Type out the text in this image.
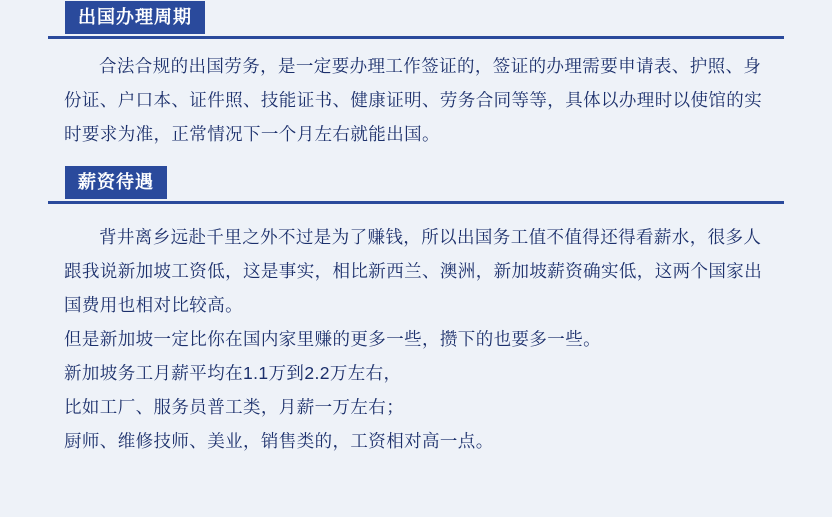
出国办理周期

合法合规的出国劳务，是一定要办理工作签证的，签证的办理需要申请表、护照、身份证、户口本、证件照、技能证书、健康证明、劳务合同等等，具体以办理时以使馆的实时要求为准，正常情况下一个月左右就能出国。

薪资待遇

背井离乡远赴千里之外不过是为了赚钱，所以出国务工值不值得还得看薪水，很多人跟我说新加坡工资低，这是事实，相比新西兰、澳洲，新加坡薪资确实低，这两个国家出国费用也相对比较高。

但是新加坡一定比你在国内家里赚的更多一些，攒下的也要多一些。

新加坡务工月薪平均在1.1万到2.2万左右，

比如工厂、服务员普工类，月薪一万左右；

厨师、维修技师、美业，销售类的，工资相对高一点。
